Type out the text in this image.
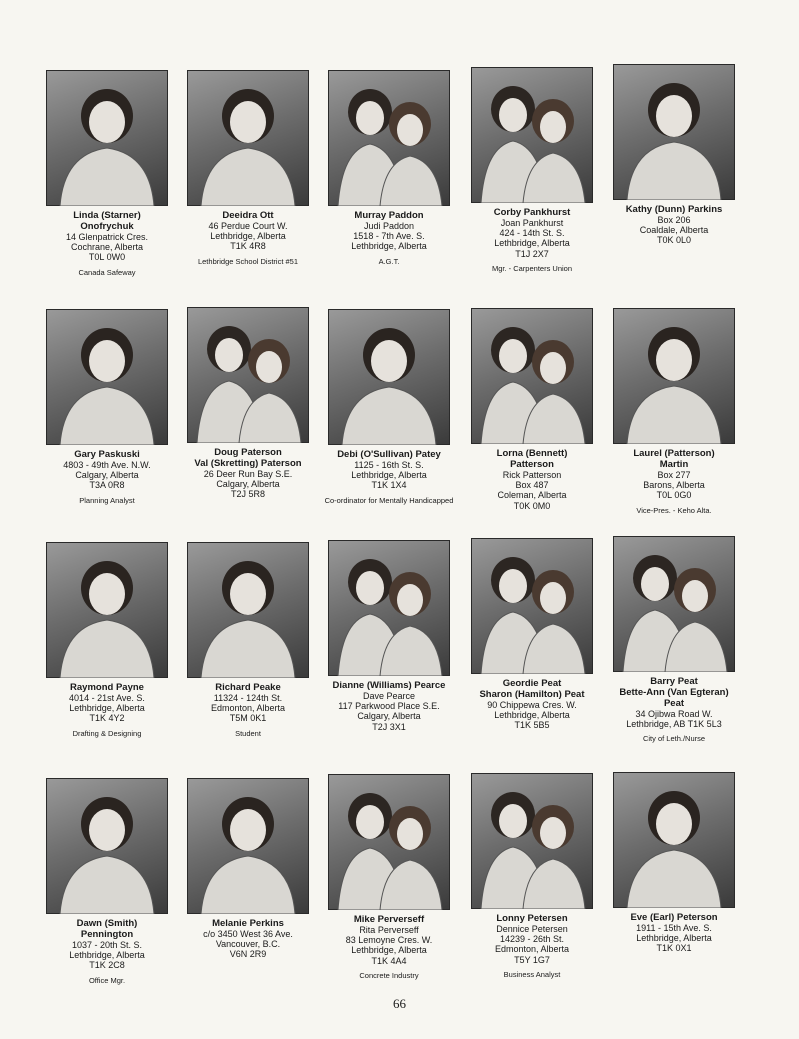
Linda (Starner)
Onofrychuk
14 Glenpatrick Cres.
Cochrane, Alberta
T0L 0W0
Canada Safeway
Deeidra Ott
46 Perdue Court W.
Lethbridge, Alberta
T1K 4R8
Lethbridge School District #51
Murray Paddon
Judi Paddon
1518 - 7th Ave. S.
Lethbridge, Alberta
A.G.T.
Corby Pankhurst
Joan Pankhurst
424 - 14th St. S.
Lethbridge, Alberta
T1J 2X7
Mgr. - Carpenters Union
Kathy (Dunn) Parkins
Box 206
Coaldale, Alberta
T0K 0L0
Gary Paskuski
4803 - 49th Ave. N.W.
Calgary, Alberta
T3A 0R8
Planning Analyst
Doug Paterson
Val (Skretting) Paterson
26 Deer Run Bay S.E.
Calgary, Alberta
T2J 5R8
Debi (O'Sullivan) Patey
1125 - 16th St. S.
Lethbridge, Alberta
T1K 1X4
Co-ordinator for Mentally Handicapped
Lorna (Bennett)
Patterson
Rick Patterson
Box 487
Coleman, Alberta
T0K 0M0
Laurel (Patterson)
Martin
Box 277
Barons, Alberta
T0L 0G0
Vice-Pres. - Keho Alta.
Raymond Payne
4014 - 21st Ave. S.
Lethbridge, Alberta
T1K 4Y2
Drafting & Designing
Richard Peake
11324 - 124th St.
Edmonton, Alberta
T5M 0K1
Student
Dianne (Williams) Pearce
Dave Pearce
117 Parkwood Place S.E.
Calgary, Alberta
T2J 3X1
Geordie Peat
Sharon (Hamilton) Peat
90 Chippewa Cres. W.
Lethbridge, Alberta
T1K 5B5
Barry Peat
Bette-Ann (Van Egteran)
Peat
34 Ojibwa Road W.
Lethbridge, AB T1K 5L3
City of Leth./Nurse
Dawn (Smith)
Pennington
1037 - 20th St. S.
Lethbridge, Alberta
T1K 2C8
Office Mgr.
Melanie Perkins
c/o 3450 West 36 Ave.
Vancouver, B.C.
V6N 2R9
Mike Perverseff
Rita Perverseff
83 Lemoyne Cres. W.
Lethbridge, Alberta
T1K 4A4
Concrete Industry
Lonny Petersen
Dennice Petersen
14239 - 26th St.
Edmonton, Alberta
T5Y 1G7
Business Analyst
Eve (Earl) Peterson
1911 - 15th Ave. S.
Lethbridge, Alberta
T1K 0X1
66
